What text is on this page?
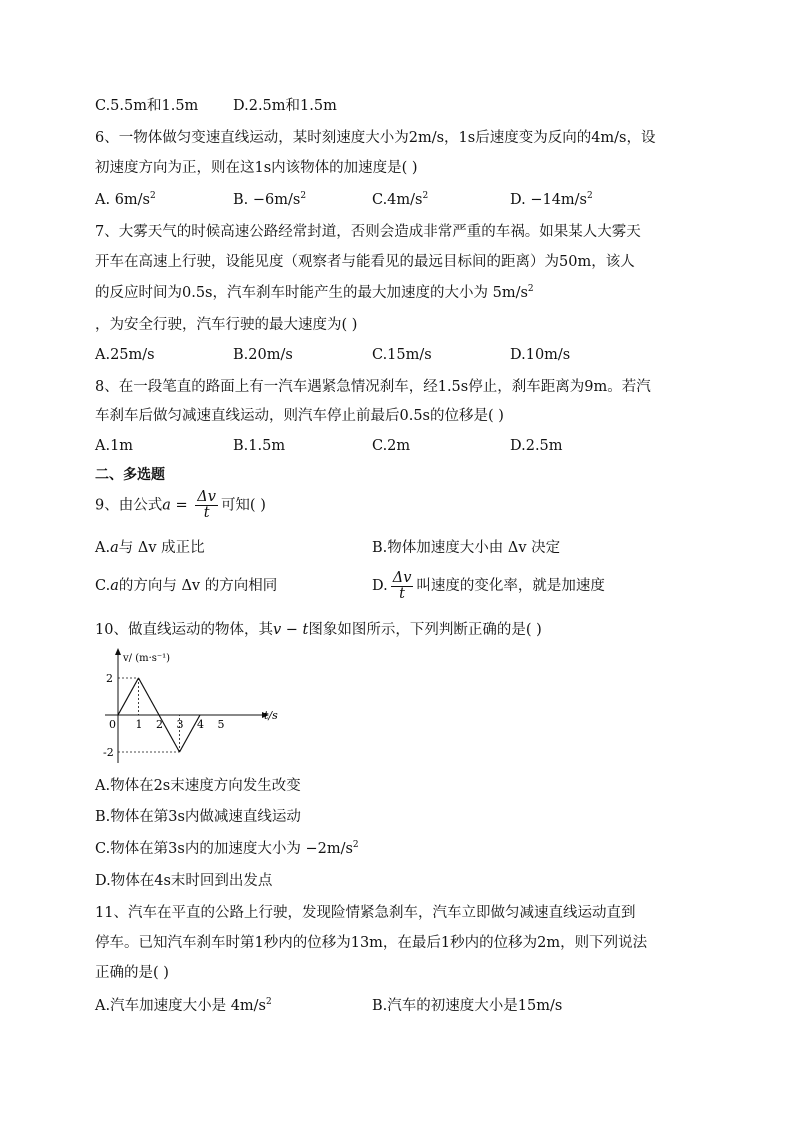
C.5.5m和1.5m D.2.5m和1.5m
6、一物体做匀变速直线运动，某时刻速度大小为2m/s，1s后速度变为反向的4m/s，设
初速度方向为正，则在这1s内该物体的加速度是( )
A. $6m/s^2$	B. $-6m/s^2$	$C.4m/s^2$	D. $-14m/s^2$
7、大雾天气的时候高速公路经常封道，否则会造成非常严重的车祸。如果某人大雾天
开车在高速上行驶，设能见度（观察者与能看见的最远目标间的距离）为50m，该人
的反应时间为0.5s，汽车刹车时能产生的最大加速度的大小为 $5m/s^2$
，为安全行驶，汽车行驶的最大速度为( )
A.25m/s	B.20m/s	C.15m/s	D.10m/s
8、在一段笔直的路面上有一汽车遇紧急情况刹车，经1.5s停止，刹车距离为9m。若汽
车刹车后做匀减速直线运动，则汽车停止前最后0.5s的位移是( )
A.1m	B.1.5m	C.2m	D.2.5m
二、多选题
9、由公式$a = \frac{\Delta v}{t}$ 可知( )
A.a与 Δv 成正比	B.物体加速度大小由 Δv 决定
C.a的方向与 Δv 的方向相同	D. $\frac{\Delta v}{t}$ 叫速度的变化率，就是加速度
10、做直线运动的物体，其v − t图象如图所示，下列判断正确的是( )
v/ (m·s⁻¹)
t/s
0 1 2 3 4 5
2
-2
A.物体在2s末速度方向发生改变
B.物体在第3s内做减速直线运动
C.物体在第3s内的加速度大小为 $-2m/s^2$
D.物体在4s末时回到出发点
11、汽车在平直的公路上行驶，发现险情紧急刹车，汽车立即做匀减速直线运动直到
停车。已知汽车刹车时第1秒内的位移为13m，在最后1秒内的位移为2m，则下列说法
正确的是( )
A.汽车加速度大小是 $4m/s^2$	B.汽车的初速度大小是15m/s
